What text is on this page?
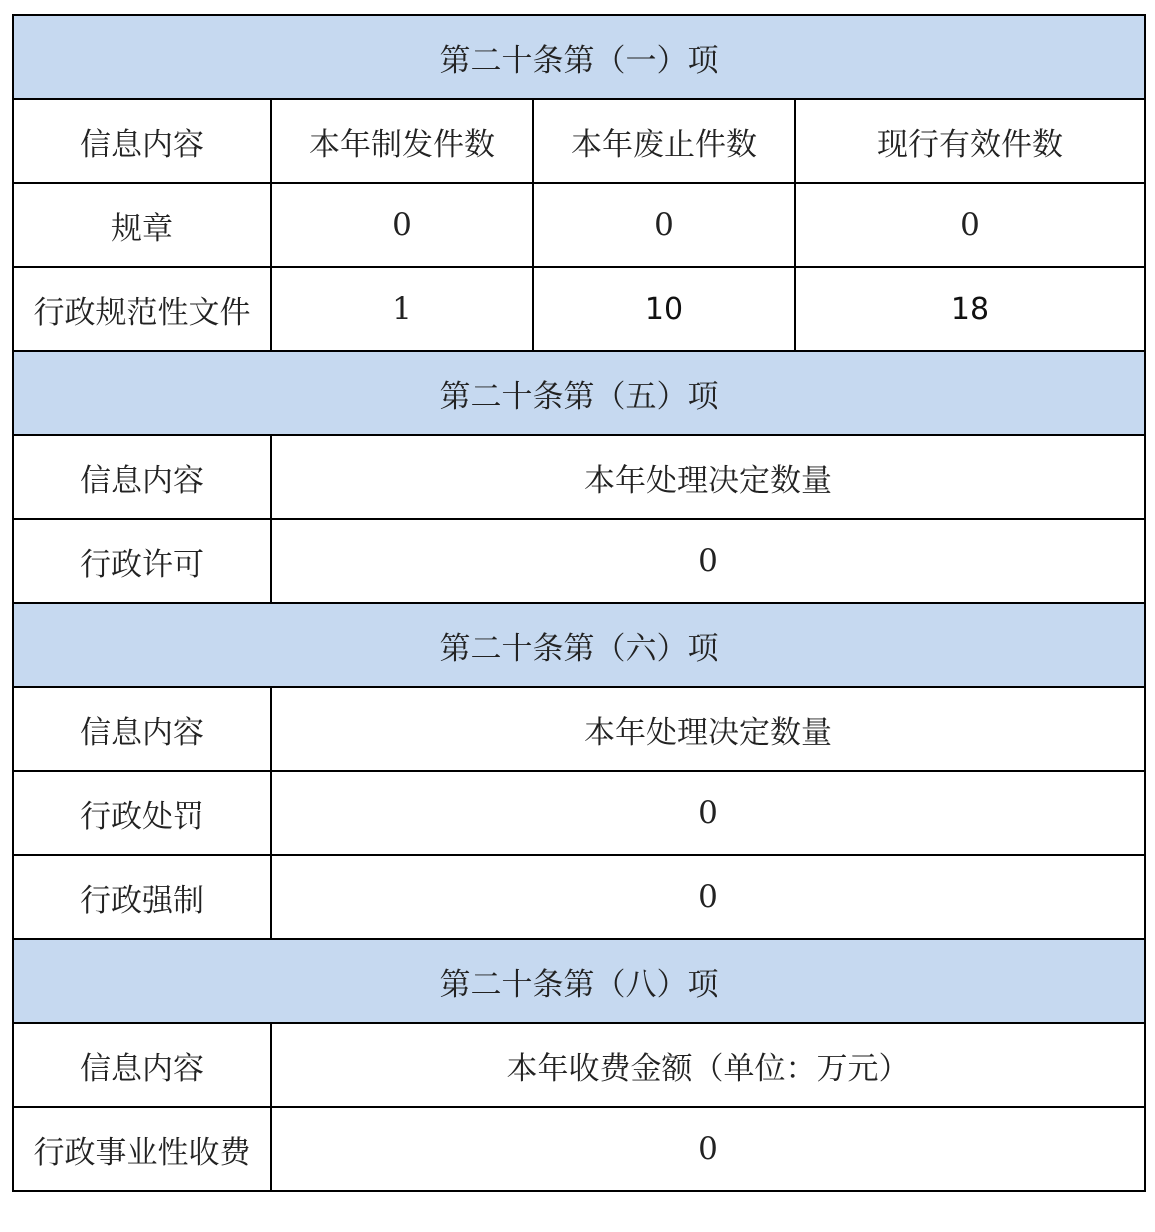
第二十条第（一）项			
信息内容	本年制发件数	本年废止件数	现行有效件数
规章	0	0	0
行政规范性文件	1	10	18
第二十条第（五）项			
信息内容	本年处理决定数量		
行政许可	0		
第二十条第（六）项			
信息内容	本年处理决定数量		
行政处罚	0		
行政强制	0		
第二十条第（八）项			
信息内容	本年收费金额（单位：万元）		
行政事业性收费	0		
